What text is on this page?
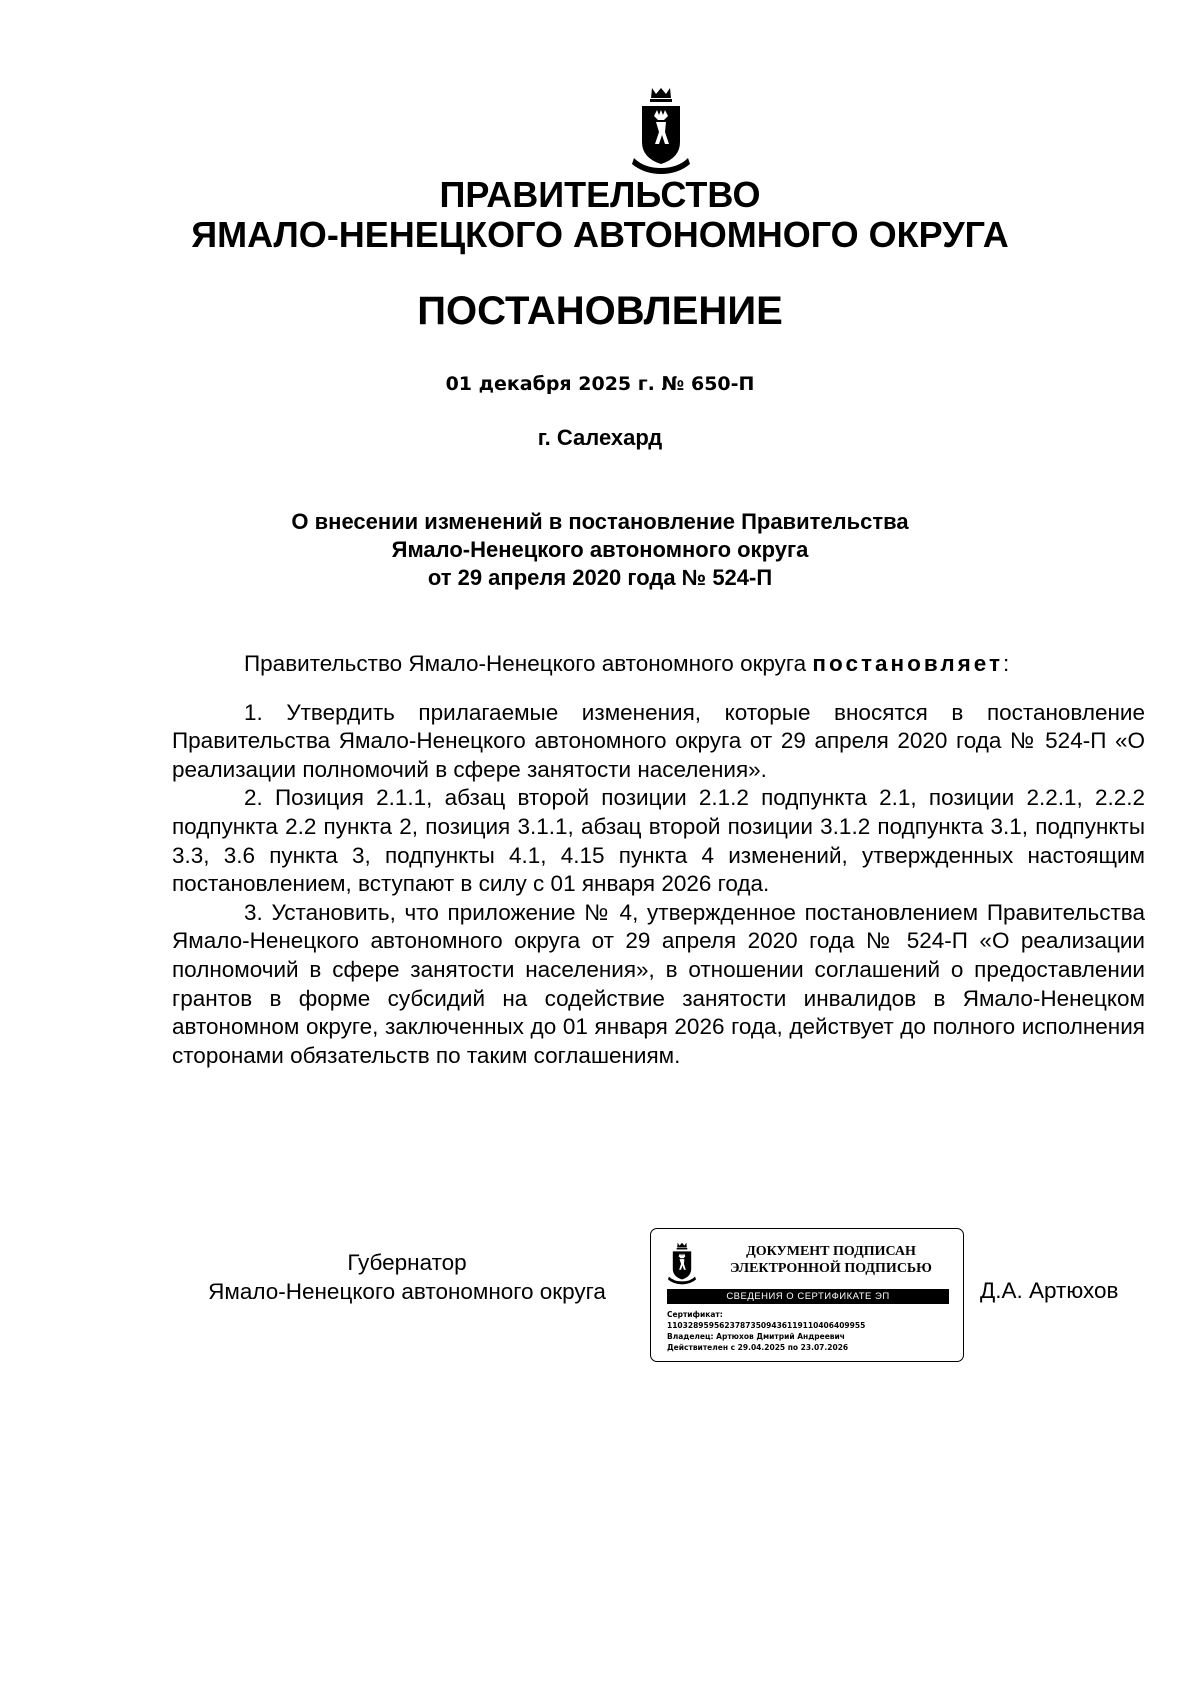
ПРАВИТЕЛЬСТВО
ЯМАЛО-НЕНЕЦКОГО АВТОНОМНОГО ОКРУГА
ПОСТАНОВЛЕНИЕ
01 декабря 2025 г. № 650-П
г. Салехард
О внесении изменений в постановление Правительства
Ямало-Ненецкого автономного округа
от 29 апреля 2020 года № 524-П

Правительство Ямало-Ненецкого автономного округа постановляет:

1. Утвердить прилагаемые изменения, которые вносятся в постановление Правительства Ямало-Ненецкого автономного округа от 29 апреля 2020 года № 524-П «О реализации полномочий в сфере занятости населения».

2. Позиция 2.1.1, абзац второй позиции 2.1.2 подпункта 2.1, позиции 2.2.1, 2.2.2 подпункта 2.2 пункта 2, позиция 3.1.1, абзац второй позиции 3.1.2 подпункта 3.1, подпункты 3.3, 3.6 пункта 3, подпункты 4.1, 4.15 пункта 4 изменений, утвержденных настоящим постановлением, вступают в силу с 01 января 2026 года.

3. Установить, что приложение № 4, утвержденное постановлением Правительства Ямало-Ненецкого автономного округа от 29 апреля 2020 года № 524-П «О реализации полномочий в сфере занятости населения», в отношении соглашений о предоставлении грантов в форме субсидий на содействие занятости инвалидов в Ямало-Ненецком автономном округе, заключенных до 01 января 2026 года, действует до полного исполнения сторонами обязательств по таким соглашениям.

Губернатор
Ямало-Ненецкого автономного округа
ДОКУМЕНТ ПОДПИСАН
ЭЛЕКТРОННОЙ ПОДПИСЬЮ
СВЕДЕНИЯ О СЕРТИФИКАТЕ ЭП
Сертификат:
11032895956237873509436119110406409955
Владелец: Артюхов Дмитрий Андреевич
Действителен с 29.04.2025 по 23.07.2026
Д.А. Артюхов
